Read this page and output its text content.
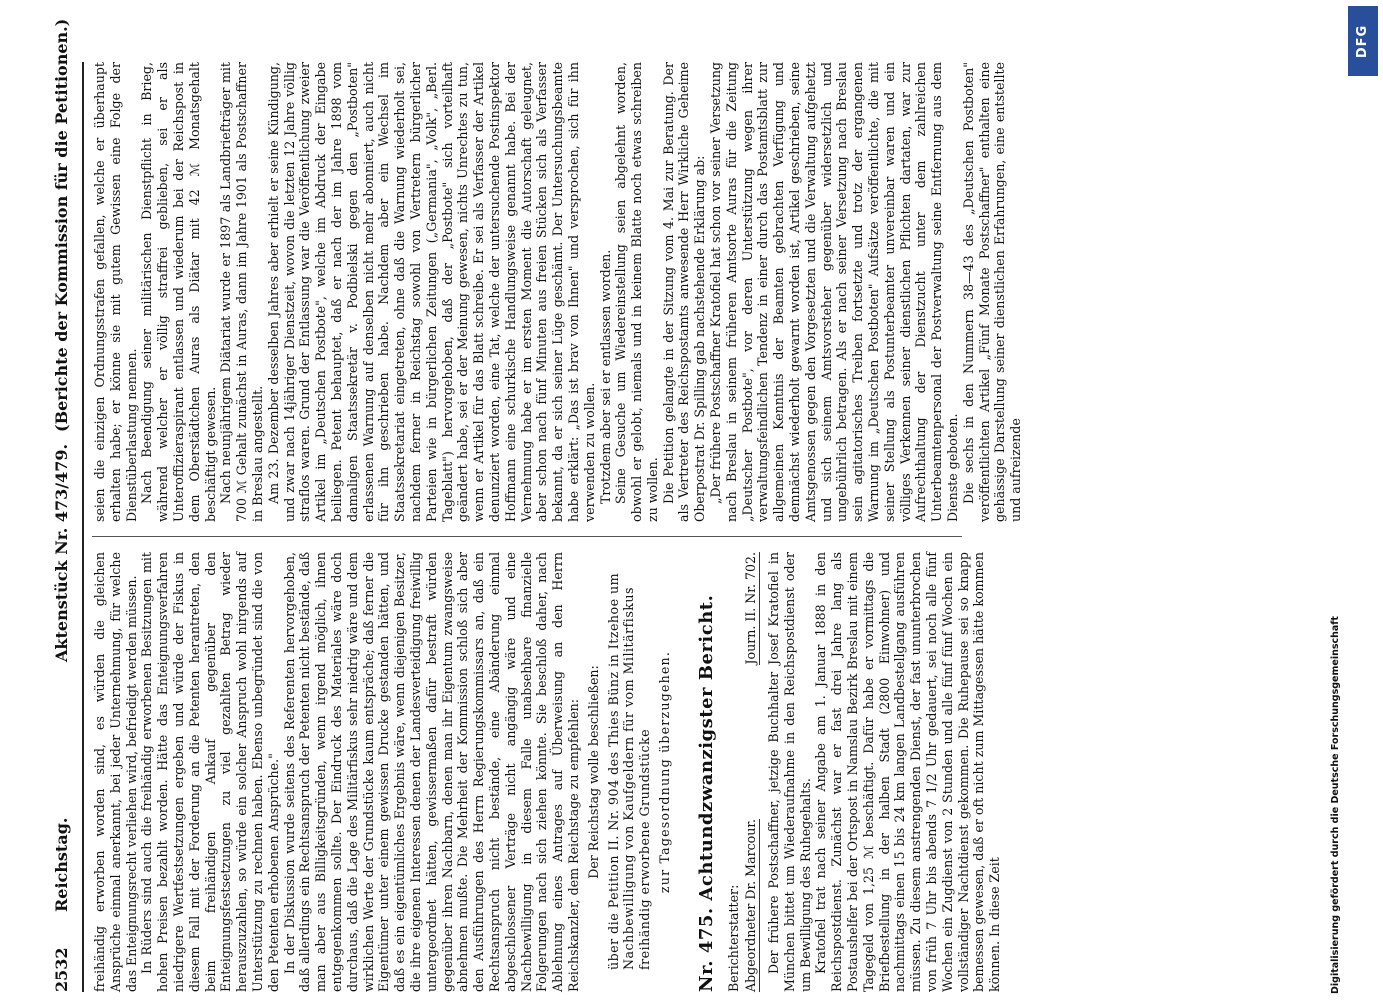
2532
Reichstag.
Aktenstück Nr. 473/479.
(Berichte der Kommission für die Petitionen.)

freihändig erworben worden sind, es würden die gleichen Ansprüche einmal anerkannt, bei jeder Unternehmung, für welche das Enteignungsrecht verliehen wird, befriedigt werden müssen. In Rüders sind auch die freihändig erworbenen Besitzungen mit hohen Preisen bezahlt worden. Hätte das Enteignungsverfahren niedrigere Wertfestsetzungen ergeben und würde der Fiskus in diesem Fall mit der Forderung an die Petenten herantreten, den beim freihändigen Ankauf gegenüber den Enteignungsfestsetzungen zu viel gezahlten Betrag wieder herauszuzahlen, so würde ein solcher Anspruch wohl nirgends auf Unterstützung zu rechnen haben. Ebenso unbegründet sind die von den Petenten erhobenen Ansprüche." In der Diskussion wurde seitens des Referenten hervorgehoben, daß allerdings ein Rechtsanspruch der Petenten nicht bestände, daß man aber aus Billigkeitsgründen, wenn irgend möglich, ihnen entgegenkommen sollte. Der Eindruck des Materiales wäre doch durchaus, daß die Lage des Militärfiskus sehr niedrig wäre und dem wirklichen Werte der Grundstücke kaum entspräche; daß ferner die Eigentümer unter einem gewissen Drucke gestanden hätten, und daß es ein eigentümliches Ergebnis wäre, wenn diejenigen Besitzer, die ihre eigenen Interessen denen der Landesverteidigung freiwillig untergeordnet hätten, gewissermaßen dafür bestraft würden gegenüber ihren Nachbarn, denen man ihr Eigentum zwangsweise abnehmen mußte. Die Mehrheit der Kommission schloß sich aber den Ausführungen des Herrn Regierungskommissars an, daß ein Rechtsanspruch nicht bestände, eine Abänderung einmal abgeschlossener Verträge nicht angängig wäre und eine Nachbewilligung in diesem Falle unabsehbare finanzielle Folgerungen nach sich ziehen könnte. Sie beschloß daher, nach Ablehnung eines Antrages auf Überweisung an den Herrn Reichskanzler, dem Reichstage zu empfehlen: Der Reichstag wolle beschließen: über die Petition II. Nr. 904 des Thies Bünz in Itzehoe um Nachbewilligung von Kaufgeldern für vom Militärfiskus freihändig erworbene Grundstücke zur Tagesordnung überzugehen. Nr. 475. Achtundzwanzigster Bericht. Berichterstatter: Abgeordneter Dr. Marcour.
Journ. II. Nr. 702. Der frühere Postschaffner, jetzige Buchhalter Josef Kratofiel in München bittet um Wiederaufnahme in den Reichspostdienst oder um Bewilligung des Ruhegehalts. Kratofiel trat nach seiner Angabe am 1. Januar 1888 in den Reichspostdienst. Zunächst war er fast drei Jahre lang als Postaushelfer bei der Ortspost in Namslau Bezirk Breslau mit einem Tagegeld von 1,25 ℳ beschäftigt. Dafür habe er vormittags die Briefbestellung in der halben Stadt (2800 Einwohner) und nachmittags einen 15 bis 24 km langen Landbestellgang ausführen müssen. Zu diesem anstrengenden Dienst, der fast ununterbrochen von früh 7 Uhr bis abends 7 1/2 Uhr gedauert, sei noch alle fünf Wochen ein Zugdienst von 2 Stunden und alle fünf fünf Wochen ein vollständiger Nachtdienst gekommen. Die Ruhepause sei so knapp bemessen gewesen, daß er oft nicht zum Mittagessen hätte kommen können. In diese Zeit

seien die einzigen Ordnungsstrafen gefallen, welche er überhaupt erhalten habe; er könne sie mit gutem Gewissen eine Folge der Dienstüberlastung nennen. Nach Beendigung seiner militärischen Dienstpflicht in Brieg, während welcher er völlig straffrei geblieben, sei er als Unteroffizieraspirant entlassen und wiederum bei der Reichspost in dem Oberstädtchen Auras als Diätar mit 42 ℳ Monatsgehalt beschäftigt gewesen. Nach neunjährigem Diätariat wurde er 1897 als Landbriefträger mit 700 ℳ Gehalt zunächst in Auras, dann im Jahre 1901 als Postschaffner in Breslau angestellt. Am 23. Dezember desselben Jahres aber erhielt er seine Kündigung, und zwar nach 14jähriger Dienstzeit, wovon die letzten 12 Jahre völlig straflos waren. Grund der Entlassung war die Veröffentlichung zweier Artikel im „Deutschen Postbote", welche im Abdruck der Eingabe beiliegen. Petent behauptet, daß er nach der im Jahre 1898 vom damaligen Staatssekretär v. Podbielski gegen den „Postboten" erlassenen Warnung auf denselben nicht mehr abonniert, auch nicht für ihn geschrieben habe. Nachdem aber ein Wechsel im Staatssekretariat eingetreten, ohne daß die Warnung wiederholt sei, nachdem ferner in Reichstag sowohl von Vertretern bürgerlicher Parteien wie in bürgerlichen Zeitungen („Germania", „Volk", „Berl. Tageblatt") hervorgehoben, daß der „Postbote" sich vorteilhaft geändert habe, sei er der Meinung gewesen, nichts Unrechtes zu tun, wenn er Artikel für das Blatt schreibe. Er sei als Verfasser der Artikel denunziert worden, eine Tat, welche der untersuchende Postinspektor Hoffmann eine schurkische Handlungsweise genannt habe. Bei der Vernehmung habe er im ersten Moment die Autorschaft geleugnet, aber schon nach fünf Minuten aus freien Stücken sich als Verfasser bekannt, da er sich seiner Lüge geschämt. Der Untersuchungsbeamte habe erklärt: „Das ist brav von Ihnen" und versprochen, sich für ihn verwenden zu wollen. Trotzdem aber sei er entlassen worden. Seine Gesuche um Wiedereinstellung seien abgelehnt worden, obwohl er gelobt, niemals und in keinem Blatte noch etwas schreiben zu wollen. Die Petition gelangte in der Sitzung vom 4. Mai zur Beratung. Der als Vertreter des Reichspostamts anwesende Herr Wirkliche Geheime Oberpostrat Dr. Spilling gab nachstehende Erklärung ab: „Der frühere Postschaffner Kratofiel hat schon vor seiner Versetzung nach Breslau in seinem früheren Amtsorte Auras für die Zeitung „Deutscher Postbote", vor deren Unterstützung wegen ihrer verwaltungsfeindlichen Tendenz in einer durch das Postamtsblatt zur allgemeinen Kenntnis der Beamten gebrachten Verfügung und demnächst wiederholt gewarnt worden ist, Artikel geschrieben, seine Amtsgenossen gegen den Vorgesetzten und die Verwaltung aufgehetzt und sich seinem Amtsvorsteher gegenüber widersetzlich und ungebührlich betragen. Als er nach seiner Versetzung nach Breslau sein agitatorisches Treiben fortsetzte und trotz der ergangenen Warnung im „Deutschen Postboten" Aufsätze veröffentlichte, die mit seiner Stellung als Postunterbeamter unvereinbar waren und ein völliges Verkennen seiner dienstlichen Pflichten dartaten, war zur Aufrechthaltung der Dienstzucht unter dem zahlreichen Unterbeamtenpersonal der Postverwaltung seine Entfernung aus dem Dienste geboten. Die sechs in den Nummern 38—43 des „Deutschen Postboten" veröffentlichten Artikel „Fünf Monate Postschaffner" enthalten eine gehässige Darstellung seiner dienstlichen Erfahrungen, eine entstellte und aufreizende

Digitalisierung gefördert durch die Deutsche Forschungsgemeinschaft
DFG
